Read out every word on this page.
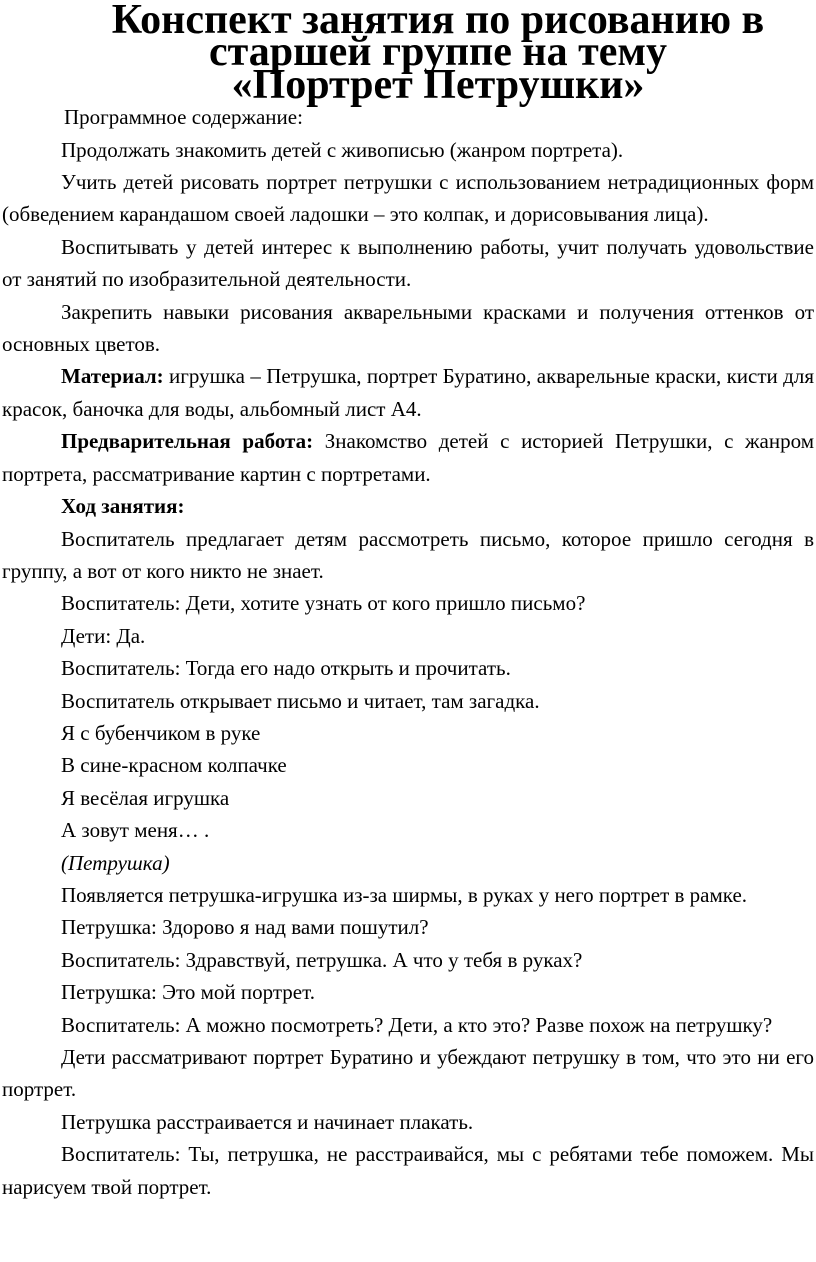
Конспект занятия по рисованию в старшей группе на тему
«Портрет Петрушки»

Программное содержание:

Продолжать знакомить детей с живописью (жанром портрета).

Учить детей рисовать портрет петрушки с использованием нетрадиционных форм (обведением карандашом своей ладошки – это колпак, и дорисовывания лица).

Воспитывать у детей интерес к выполнению работы, учит получать удовольствие от занятий по изобразительной деятельности.

Закрепить навыки рисования акварельными красками и получения оттенков от основных цветов.

Материал: игрушка – Петрушка, портрет Буратино, акварельные краски, кисти для красок, баночка для воды, альбомный лист А4.

Предварительная работа: Знакомство детей с историей Петрушки, с жанром портрета, рассматривание картин с портретами.

Ход занятия:

Воспитатель предлагает детям рассмотреть письмо, которое пришло сегодня в группу, а вот от кого никто не знает.

Воспитатель: Дети, хотите узнать от кого пришло письмо?

Дети: Да.

Воспитатель: Тогда его надо открыть и прочитать.

Воспитатель открывает письмо и читает, там загадка.

Я с бубенчиком в руке

В сине-красном колпачке

Я весёлая игрушка

А зовут меня… .

(Петрушка)

Появляется петрушка-игрушка из-за ширмы, в руках у него портрет в рамке.

Петрушка: Здорово я над вами пошутил?

Воспитатель: Здравствуй, петрушка. А что у тебя в руках?

Петрушка: Это мой портрет.

Воспитатель: А можно посмотреть? Дети, а кто это? Разве похож на петрушку?

Дети рассматривают портрет Буратино и убеждают петрушку в том, что это ни его портрет.

Петрушка расстраивается и начинает плакать.

Воспитатель: Ты, петрушка, не расстраивайся, мы с ребятами тебе поможем. Мы нарисуем твой портрет.
